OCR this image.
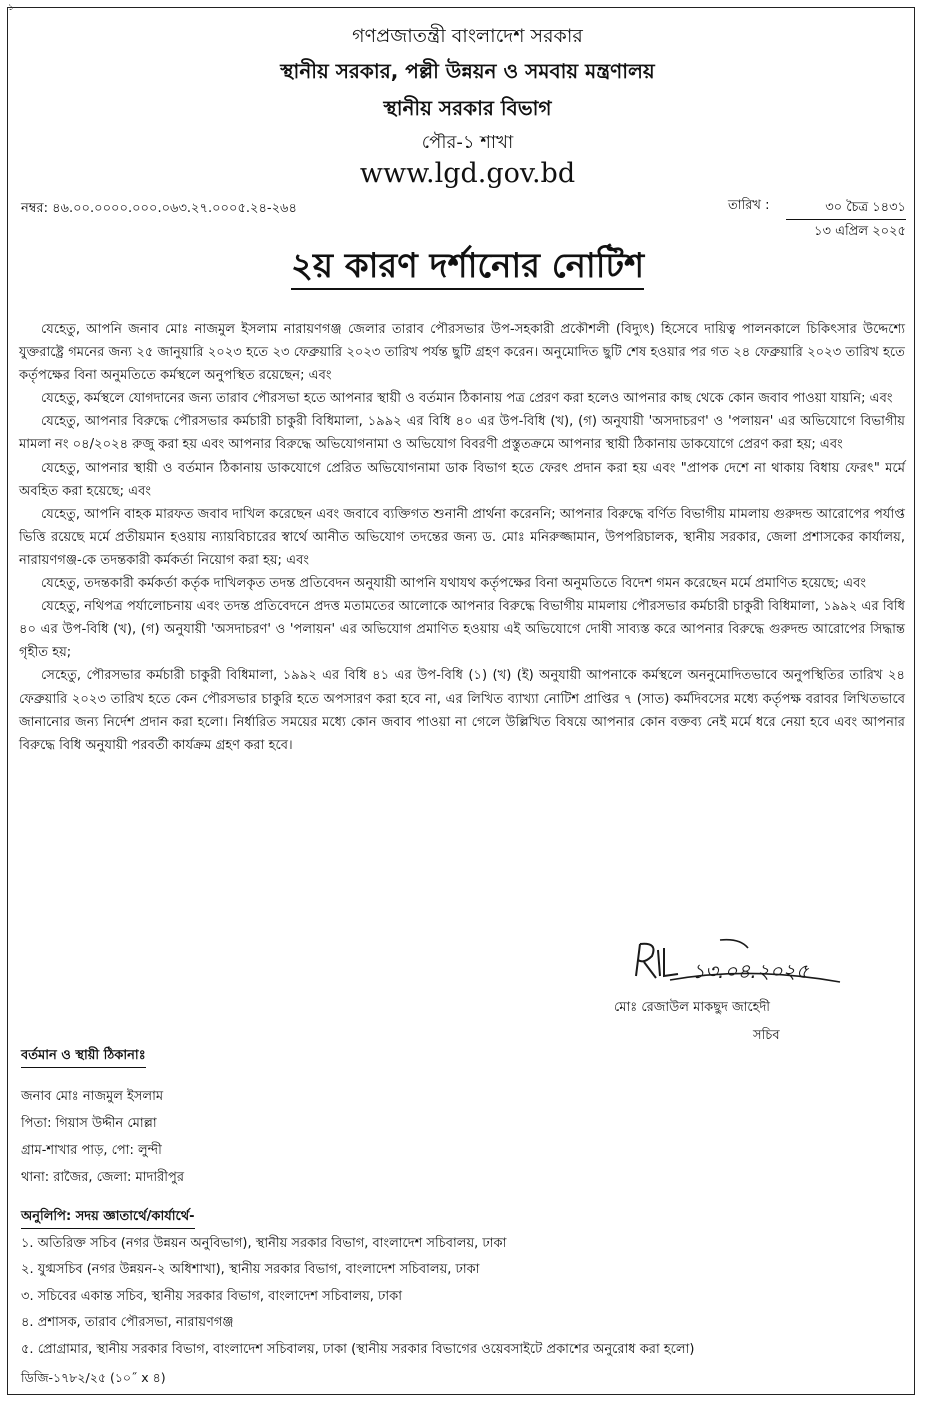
১
গণপ্রজাতন্ত্রী বাংলাদেশ সরকার
স্থানীয় সরকার, পল্লী উন্নয়ন ও সমবায় মন্ত্রণালয়
স্থানীয় সরকার বিভাগ
পৌর-১ শাখা
www.lgd.gov.bd
নম্বর: ৪৬.০০.০০০০.০০০.০৬৩.২৭.০০০৫.২৪-২৬৪	তারিখ :	৩০ চৈত্র ১৪৩১
১৩ এপ্রিল ২০২৫
২য় কারণ দর্শানোর নোটিশ

যেহেতু, আপনি জনাব মোঃ নাজমুল ইসলাম নারায়ণগঞ্জ জেলার তারাব পৌরসভার উপ-সহকারী প্রকৌশলী (বিদ্যুৎ) হিসেবে দায়িত্ব পালনকালে চিকিৎসার উদ্দেশ্যে যুক্তরাষ্ট্রে গমনের জন্য ২৫ জানুয়ারি ২০২৩ হতে ২৩ ফেব্রুয়ারি ২০২৩ তারিখ পর্যন্ত ছুটি গ্রহণ করেন। অনুমোদিত ছুটি শেষ হওয়ার পর গত ২৪ ফেব্রুয়ারি ২০২৩ তারিখ হতে কর্তৃপক্ষের বিনা অনুমতিতে কর্মস্থলে অনুপস্থিত রয়েছেন; এবং

যেহেতু, কর্মস্থলে যোগদানের জন্য তারাব পৌরসভা হতে আপনার স্থায়ী ও বর্তমান ঠিকানায় পত্র প্রেরণ করা হলেও আপনার কাছ থেকে কোন জবাব পাওয়া যায়নি; এবং

যেহেতু, আপনার বিরুদ্ধে পৌরসভার কর্মচারী চাকুরী বিধিমালা, ১৯৯২ এর বিধি ৪০ এর উপ-বিধি (খ), (গ) অনুযায়ী 'অসদাচরণ' ও 'পলায়ন' এর অভিযোগে বিভাগীয় মামলা নং ০৪/২০২৪ রুজু করা হয় এবং আপনার বিরুদ্ধে অভিযোগনামা ও অভিযোগ বিবরণী প্রস্তুতক্রমে আপনার স্থায়ী ঠিকানায় ডাকযোগে প্রেরণ করা হয়; এবং

যেহেতু, আপনার স্থায়ী ও বর্তমান ঠিকানায় ডাকযোগে প্রেরিত অভিযোগনামা ডাক বিভাগ হতে ফেরৎ প্রদান করা হয় এবং "প্রাপক দেশে না থাকায় বিধায় ফেরৎ" মর্মে অবহিত করা হয়েছে; এবং

যেহেতু, আপনি বাহক মারফত জবাব দাখিল করেছেন এবং জবাবে ব্যক্তিগত শুনানী প্রার্থনা করেননি; আপনার বিরুদ্ধে বর্ণিত বিভাগীয় মামলায় গুরুদন্ড আরোপের পর্যাপ্ত ভিত্তি রয়েছে মর্মে প্রতীয়মান হওয়ায় ন্যায়বিচারের স্বার্থে আনীত অভিযোগ তদন্তের জন্য ড. মোঃ মনিরুজ্জামান, উপপরিচালক, স্থানীয় সরকার, জেলা প্রশাসকের কার্যালয়, নারায়ণগঞ্জ-কে তদন্তকারী কর্মকর্তা নিয়োগ করা হয়; এবং

যেহেতু, তদন্তকারী কর্মকর্তা কর্তৃক দাখিলকৃত তদন্ত প্রতিবেদন অনুযায়ী আপনি যথাযথ কর্তৃপক্ষের বিনা অনুমতিতে বিদেশ গমন করেছেন মর্মে প্রমাণিত হয়েছে; এবং

যেহেতু, নথিপত্র পর্যালোচনায় এবং তদন্ত প্রতিবেদনে প্রদত্ত মতামতের আলোকে আপনার বিরুদ্ধে বিভাগীয় মামলায় পৌরসভার কর্মচারী চাকুরী বিধিমালা, ১৯৯২ এর বিধি ৪০ এর উপ-বিধি (খ), (গ) অনুযায়ী 'অসদাচরণ' ও 'পলায়ন' এর অভিযোগ প্রমাণিত হওয়ায় এই অভিযোগে দোষী সাব্যস্ত করে আপনার বিরুদ্ধে গুরুদন্ড আরোপের সিদ্ধান্ত গৃহীত হয়;

সেহেতু, পৌরসভার কর্মচারী চাকুরী বিধিমালা, ১৯৯২ এর বিধি ৪১ এর উপ-বিধি (১) (খ) (ই) অনুযায়ী আপনাকে কর্মস্থলে অননুমোদিতভাবে অনুপস্থিতির তারিখ ২৪ ফেব্রুয়ারি ২০২৩ তারিখ হতে কেন পৌরসভার চাকুরি হতে অপসারণ করা হবে না, এর লিখিত ব্যাখ্যা নোটিশ প্রাপ্তির ৭ (সাত) কর্মদিবসের মধ্যে কর্তৃপক্ষ বরাবর লিখিতভাবে জানানোর জন্য নির্দেশ প্রদান করা হলো। নির্ধারিত সময়ের মধ্যে কোন জবাব পাওয়া না গেলে উল্লিখিত বিষয়ে আপনার কোন বক্তব্য নেই মর্মে ধরে নেয়া হবে এবং আপনার বিরুদ্ধে বিধি অনুযায়ী পরবর্তী কার্যক্রম গ্রহণ করা হবে।

১৩.০৪.২০২৫
মোঃ রেজাউল মাকছুদ জাহেদী
সচিব
বর্তমান ও স্থায়ী ঠিকানাঃ
জনাব মোঃ নাজমুল ইসলাম
পিতা: গিয়াস উদ্দীন মোল্লা
গ্রাম-শাখার পাড়, পো: লুন্দী
থানা: রাজৈর, জেলা: মাদারীপুর
অনুলিপি: সদয় জ্ঞাতার্থে/কার্যার্থে-
১. অতিরিক্ত সচিব (নগর উন্নয়ন অনুবিভাগ), স্থানীয় সরকার বিভাগ, বাংলাদেশ সচিবালয়, ঢাকা
২. যুগ্মসচিব (নগর উন্নয়ন-২ অধিশাখা), স্থানীয় সরকার বিভাগ, বাংলাদেশ সচিবালয়, ঢাকা
৩. সচিবের একান্ত সচিব, স্থানীয় সরকার বিভাগ, বাংলাদেশ সচিবালয়, ঢাকা
৪. প্রশাসক, তারাব পৌরসভা, নারায়ণগঞ্জ
৫. প্রোগ্রামার, স্থানীয় সরকার বিভাগ, বাংলাদেশ সচিবালয়, ঢাকা (স্থানীয় সরকার বিভাগের ওয়েবসাইটে প্রকাশের অনুরোধ করা হলো)
ডিজি-১৭৮২/২৫ (১০˝ x ৪)
